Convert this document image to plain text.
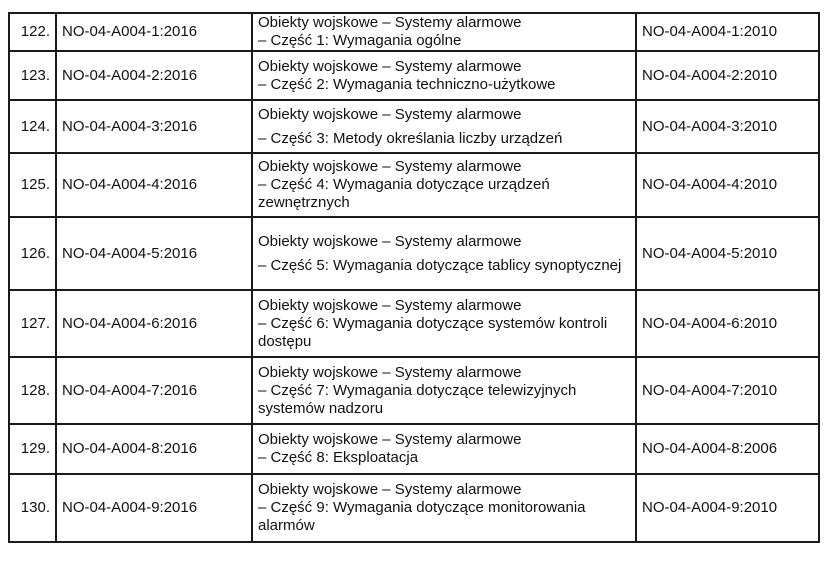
122.	NO-04-A004-1:2016	Obiekty wojskowe – Systemy alarmowe
– Część 1: Wymagania ogólne	NO-04-A004-1:2010
123.	NO-04-A004-2:2016	Obiekty wojskowe – Systemy alarmowe
– Część 2: Wymagania techniczno-użytkowe	NO-04-A004-2:2010
124.	NO-04-A004-3:2016	Obiekty wojskowe – Systemy alarmowe
– Część 3: Metody określania liczby urządzeń	NO-04-A004-3:2010
125.	NO-04-A004-4:2016	Obiekty wojskowe – Systemy alarmowe
– Część 4: Wymagania dotyczące urządzeń zewnętrznych	NO-04-A004-4:2010
126.	NO-04-A004-5:2016	Obiekty wojskowe – Systemy alarmowe
– Część 5: Wymagania dotyczące tablicy synoptycznej	NO-04-A004-5:2010
127.	NO-04-A004-6:2016	Obiekty wojskowe – Systemy alarmowe
– Część 6: Wymagania dotyczące systemów kontroli dostępu	NO-04-A004-6:2010
128.	NO-04-A004-7:2016	Obiekty wojskowe – Systemy alarmowe
– Część 7: Wymagania dotyczące telewizyjnych systemów nadzoru	NO-04-A004-7:2010
129.	NO-04-A004-8:2016	Obiekty wojskowe – Systemy alarmowe
– Część 8: Eksploatacja	NO-04-A004-8:2006
130.	NO-04-A004-9:2016	Obiekty wojskowe – Systemy alarmowe
– Część 9: Wymagania dotyczące monitorowania alarmów	NO-04-A004-9:2010
